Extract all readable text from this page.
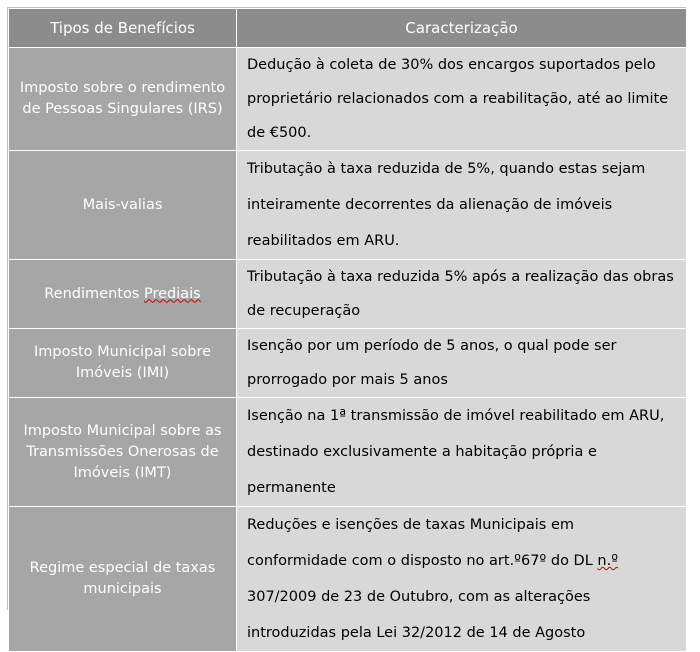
Tipos de Benefícios	Caracterização
Imposto sobre o rendimento de Pessoas Singulares (IRS)	Dedução à coleta de 30% dos encargos suportados pelo proprietário relacionados com a reabilitação, até ao limite de €500.
Mais-valias	Tributação à taxa reduzida de 5%, quando estas sejam inteiramente decorrentes da alienação de imóveis reabilitados em ARU.
Rendimentos Prediais	Tributação à taxa reduzida 5% após a realização das obras de recuperação
Imposto Municipal sobre Imóveis (IMI)	Isenção por um período de 5 anos, o qual pode ser prorrogado por mais 5 anos
Imposto Municipal sobre as Transmissões Onerosas de Imóveis (IMT)	Isenção na 1ª transmissão de imóvel reabilitado em ARU, destinado exclusivamente a habitação própria e permanente
Regime especial de taxas municipais	Reduções e isenções de taxas Municipais em conformidade com o disposto no art.º67º do DL n.º 307/2009 de 23 de Outubro, com as alterações introduzidas pela Lei 32/2012 de 14 de Agosto
